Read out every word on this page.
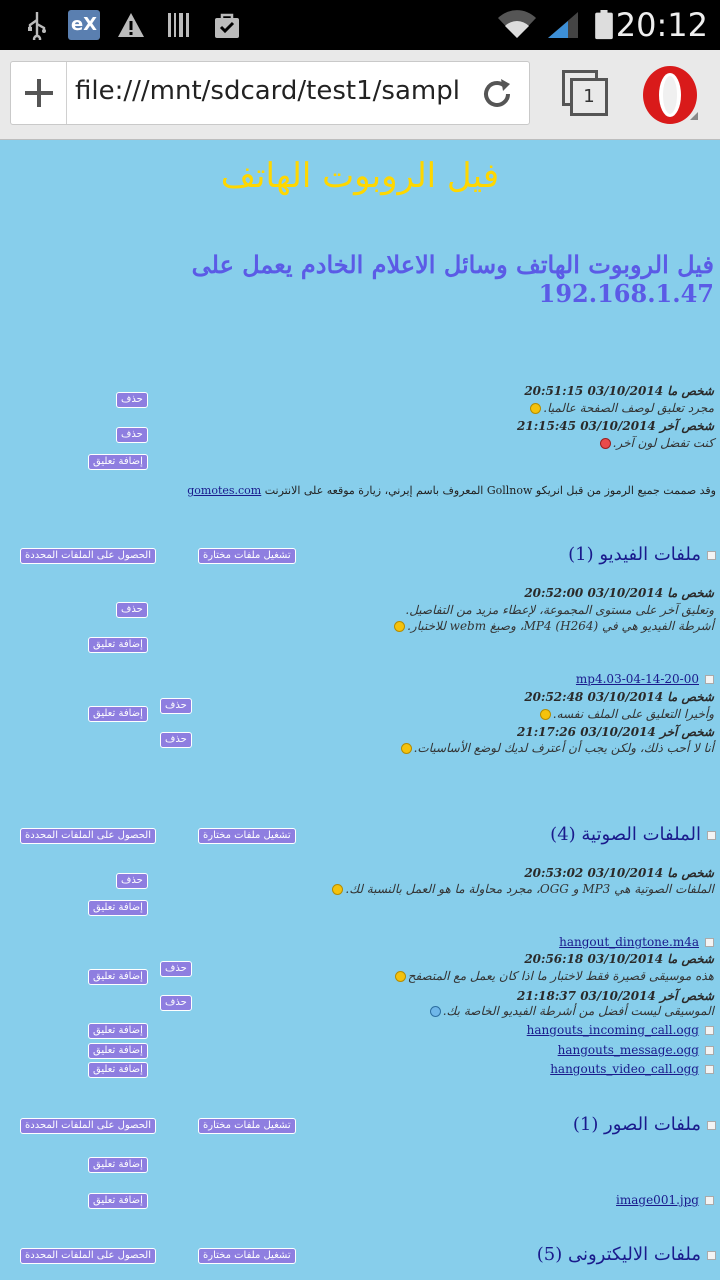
eX	20:12
file:///mnt/sdcard/test1/sampl	1
فيل الروبوت الهاتف
فيل الروبوت الهاتف وسائل الاعلام الخادم يعمل على 192.168.1.47
شخص ما 03/10/2014 20:51:15
مجرد تعليق لوصف الصفحة عالميا.
شخص آخر 03/10/2014 21:15:45
كنت تفضل لون آخر.
حذف
حذف
إضافة تعليق
وقد صممت جميع الرموز من قبل انريكو Gollnow المعروف باسم إيرني، زيارة موقعه على الانترنت gomotes.com
ملفات الفيديو (1)
تشغيل ملفات مختارة
الحصول على الملفات المحددة
شخص ما 03/10/2014 20:52:00
وتعليق آخر على مستوى المجموعة، لإعطاء مزيد من التفاصيل.
أشرطة الفيديو هي في MP4 (H264)، وصيغ webm للاختبار.
حذف
إضافة تعليق
mp4.03-04-14-20-00
شخص ما 03/10/2014 20:52:48
وأخيرا التعليق على الملف نفسه.
شخص آخر 03/10/2014 21:17:26
أنا لا أحب ذلك، ولكن يجب أن أعترف لديك لوضع الأساسيات.
حذف
إضافة تعليق
حذف
الملفات الصوتية (4)
تشغيل ملفات مختارة
الحصول على الملفات المحددة
شخص ما 03/10/2014 20:53:02
الملفات الصوتية هي MP3 و OGG، مجرد محاولة ما هو العمل بالنسبة لك.
حذف
إضافة تعليق
hangout_dingtone.m4a
شخص ما 03/10/2014 20:56:18
هذه موسيقى قصيرة فقط لاختبار ما اذا كان يعمل مع المتصفح
شخص آخر 03/10/2014 21:18:37
الموسيقى ليست أفضل من أشرطة الفيديو الخاصة بك.
حذف
إضافة تعليق
حذف
hangouts_incoming_call.ogg
إضافة تعليق
hangouts_message.ogg
إضافة تعليق
hangouts_video_call.ogg
إضافة تعليق
ملفات الصور (1)
تشغيل ملفات مختارة
الحصول على الملفات المحددة
إضافة تعليق
image001.jpg
إضافة تعليق
ملفات الالیكترونى (5)
تشغيل ملفات مختارة
الحصول على الملفات المحددة
